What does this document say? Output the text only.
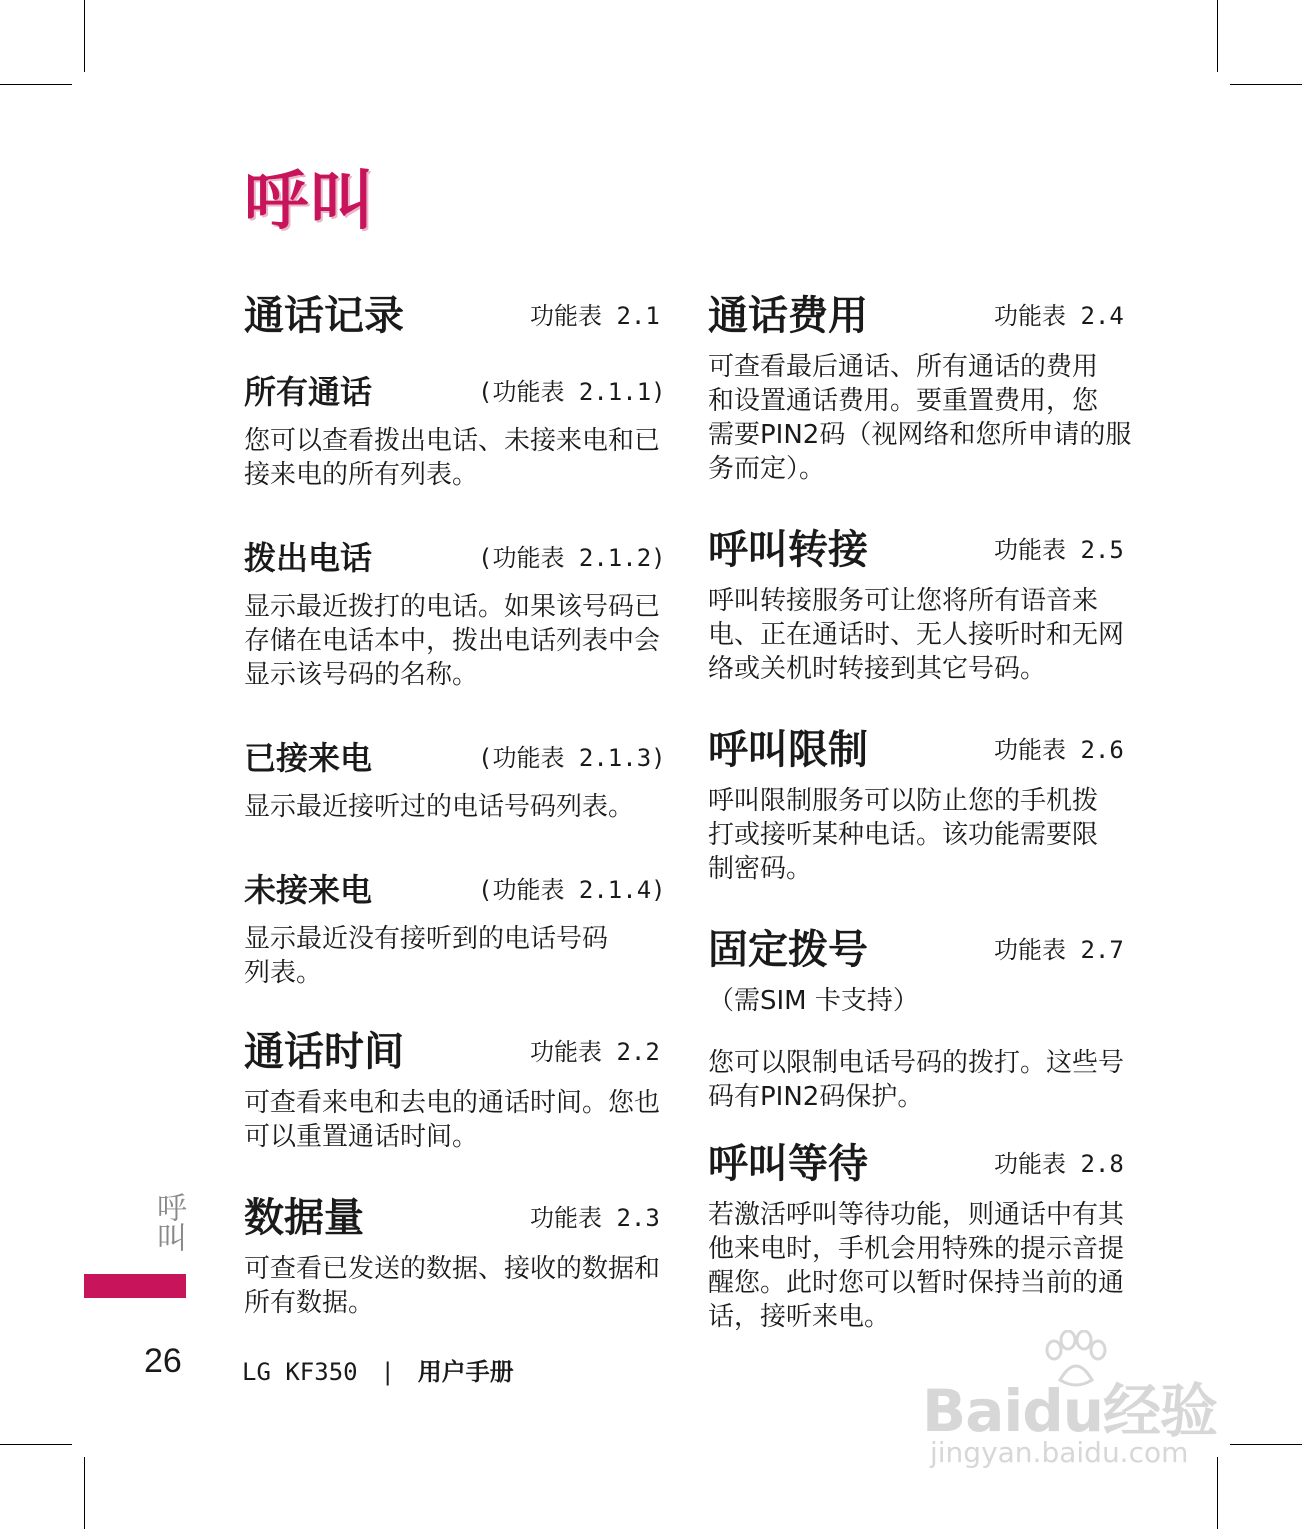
呼叫
通话记录	功能表 2.1
所有通话	(功能表 2.1.1)

您可以查看拨出电话、未接来电和已
接来电的所有列表。

拨出电话	(功能表 2.1.2)

显示最近拨打的电话。如果该号码已
存储在电话本中，拨出电话列表中会
显示该号码的名称。

已接来电	(功能表 2.1.3)

显示最近接听过的电话号码列表。

未接来电	(功能表 2.1.4)

显示最近没有接听到的电话号码
列表。

通话时间	功能表 2.2

可查看来电和去电的通话时间。您也
可以重置通话时间。

数据量	功能表 2.3

可查看已发送的数据、接收的数据和
所有数据。

通话费用	功能表 2.4

可查看最后通话、所有通话的费用
和设置通话费用。要重置费用，您
需要PIN2码（视网络和您所申请的服
务而定）。

呼叫转接	功能表 2.5

呼叫转接服务可让您将所有语音来
电、正在通话时、无人接听时和无网
络或关机时转接到其它号码。

呼叫限制	功能表 2.6

呼叫限制服务可以防止您的手机拨
打或接听某种电话。该功能需要限
制密码。

固定拨号	功能表 2.7

（需SIM 卡支持）

您可以限制电话号码的拨打。这些号
码有PIN2码保护。

呼叫等待	功能表 2.8

若激活呼叫等待功能，则通话中有其
他来电时，手机会用特殊的提示音提
醒您。此时您可以暂时保持当前的通
话，接听来电。

呼叫
26	LG KF350 | 用户手册
Baidu经验
jingyan.baidu.com
